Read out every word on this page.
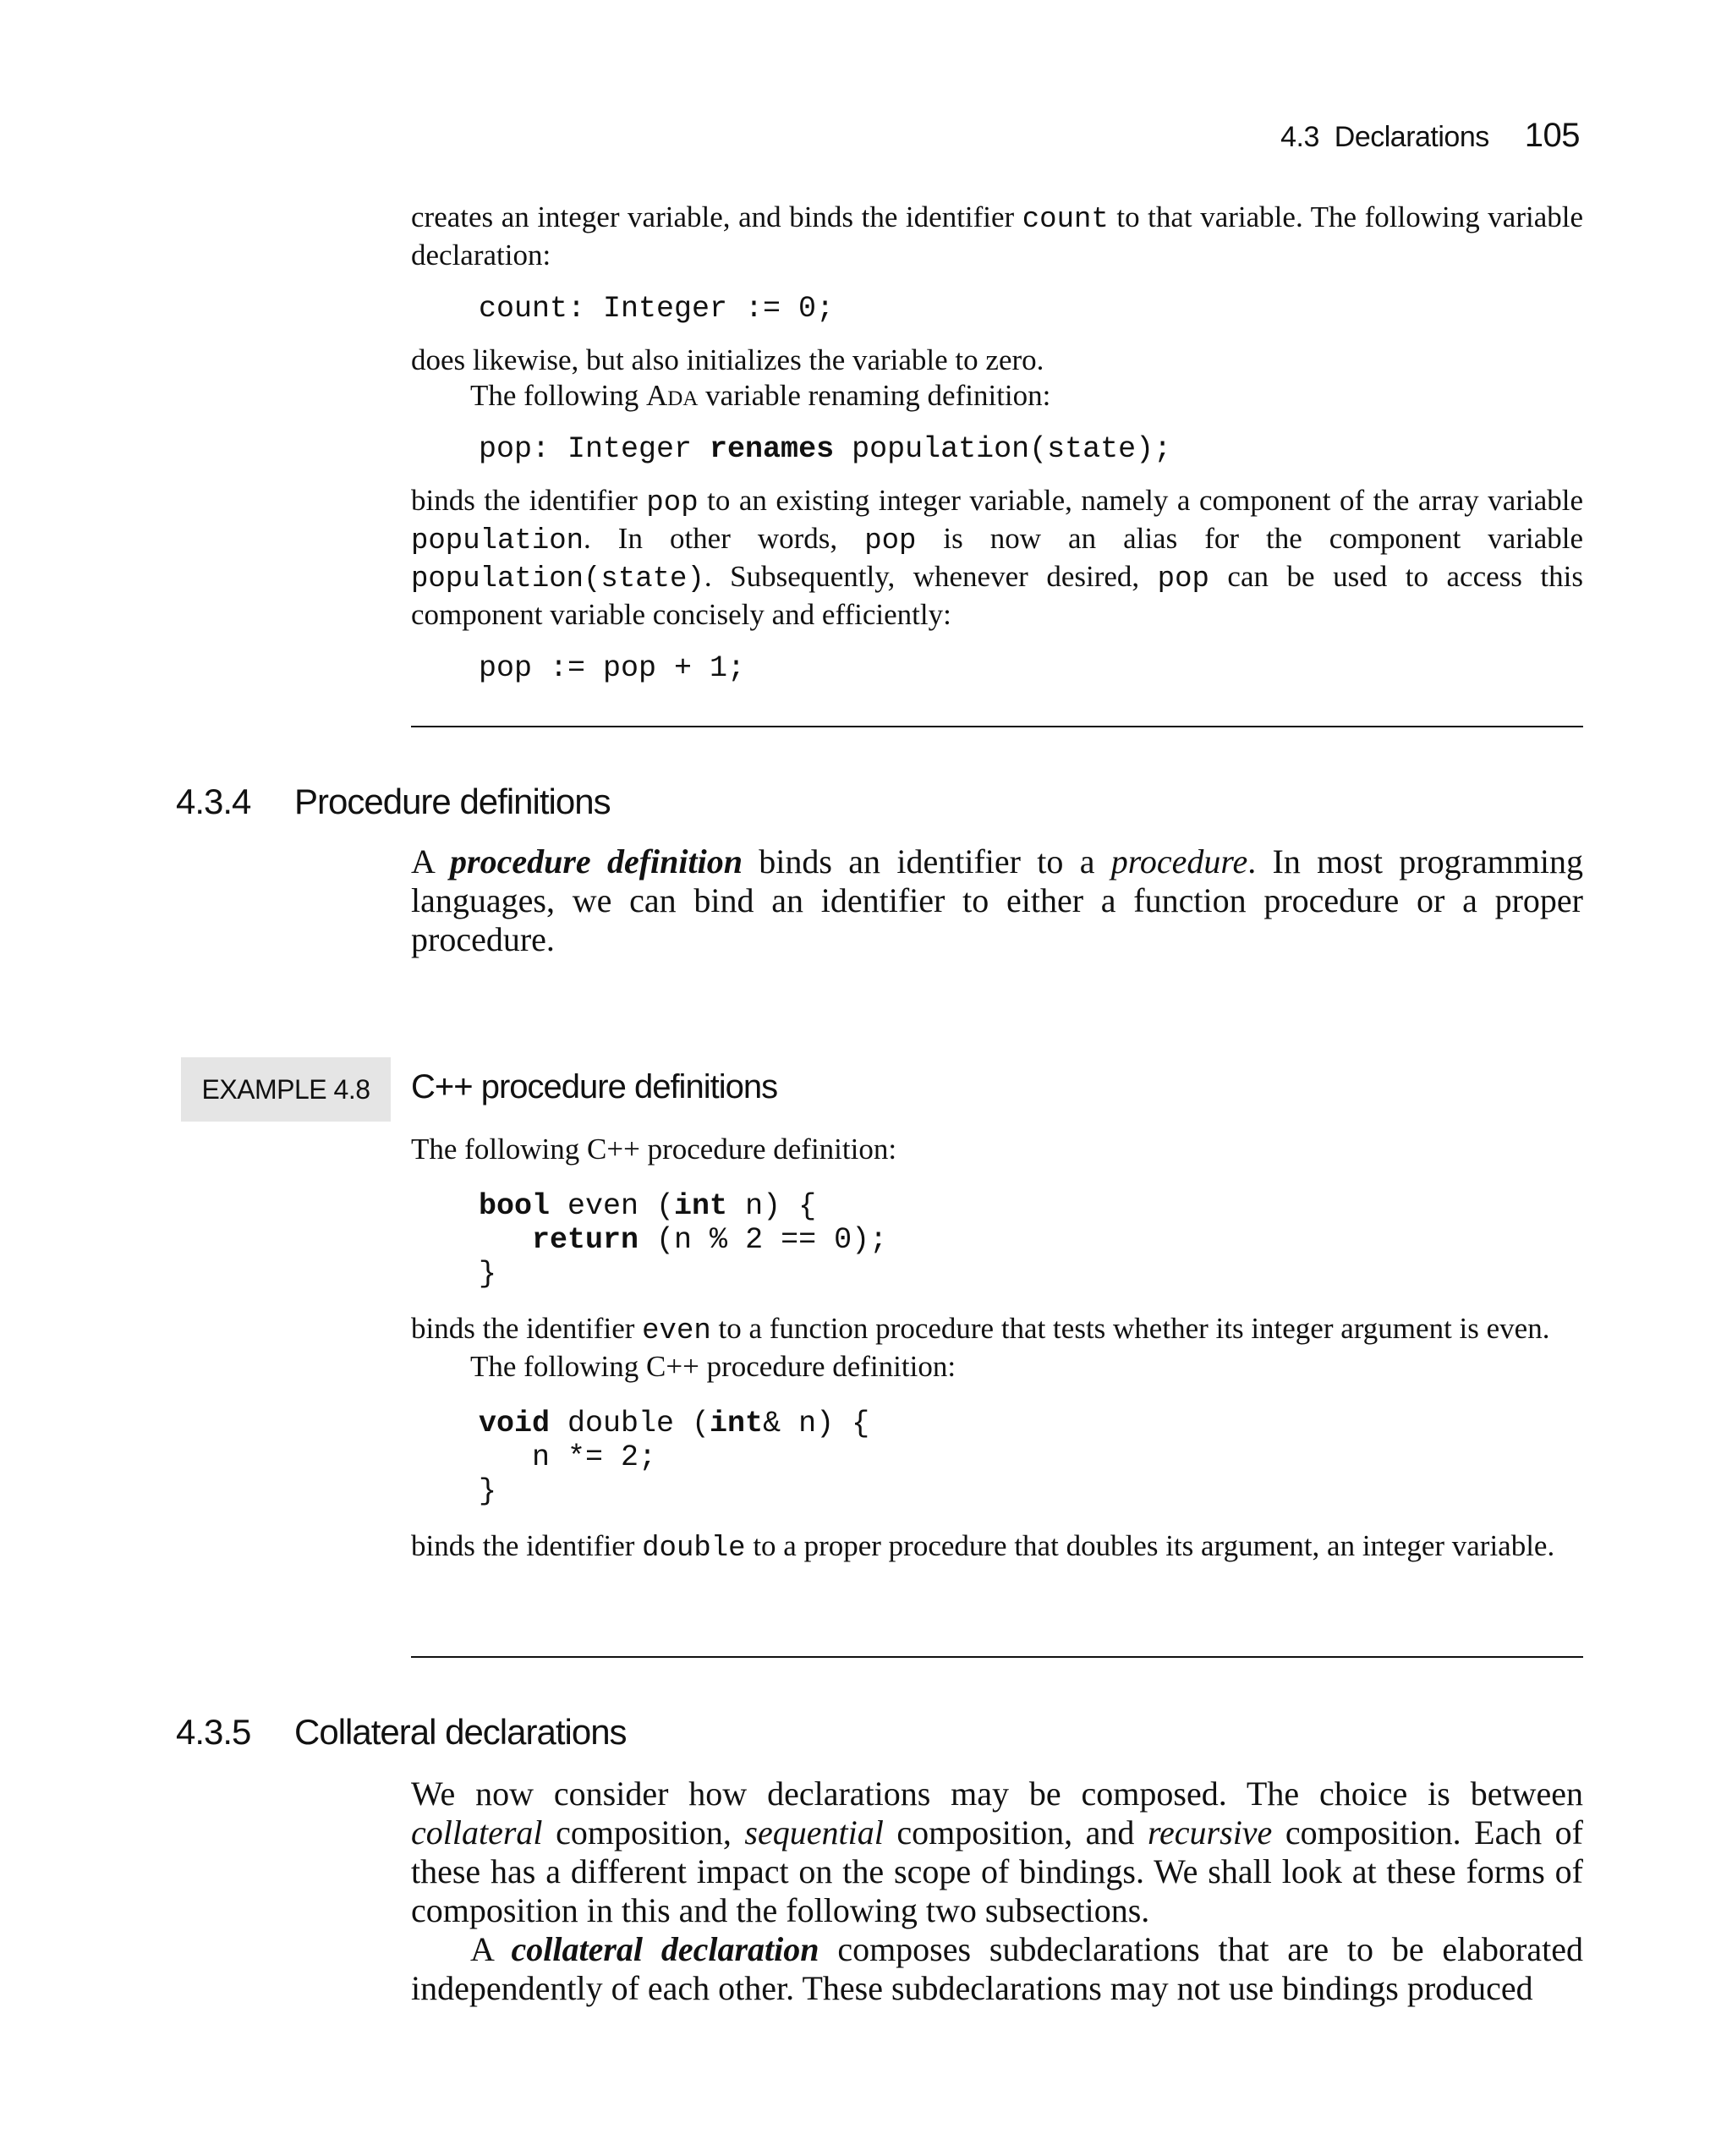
4.3 Declarations 105

creates an integer variable, and binds the identifier count to that variable. The following variable declaration:

count: Integer := 0;

does likewise, but also initializes the variable to zero.

The following Ada variable renaming definition:

pop: Integer renames population(state);

binds the identifier pop to an existing integer variable, namely a component of the array variable population. In other words, pop is now an alias for the component variable population(state). Subsequently, whenever desired, pop can be used to access this component variable concisely and efficiently:

pop := pop + 1;

4.3.4 Procedure definitions

A procedure definition binds an identifier to a procedure. In most programming languages, we can bind an identifier to either a function procedure or a proper procedure.

EXAMPLE 4.8	C++ procedure definitions

The following C++ procedure definition:

bool even (int n) {
return (n % 2 == 0);
}

binds the identifier even to a function procedure that tests whether its integer argument is even.

The following C++ procedure definition:

void double (int& n) {
n *= 2;
}

binds the identifier double to a proper procedure that doubles its argument, an integer variable.

4.3.5 Collateral declarations

We now consider how declarations may be composed. The choice is between collateral composition, sequential composition, and recursive composition. Each of these has a different impact on the scope of bindings. We shall look at these forms of composition in this and the following two subsections.

A collateral declaration composes subdeclarations that are to be elaborated independently of each other. These subdeclarations may not use bindings produced
